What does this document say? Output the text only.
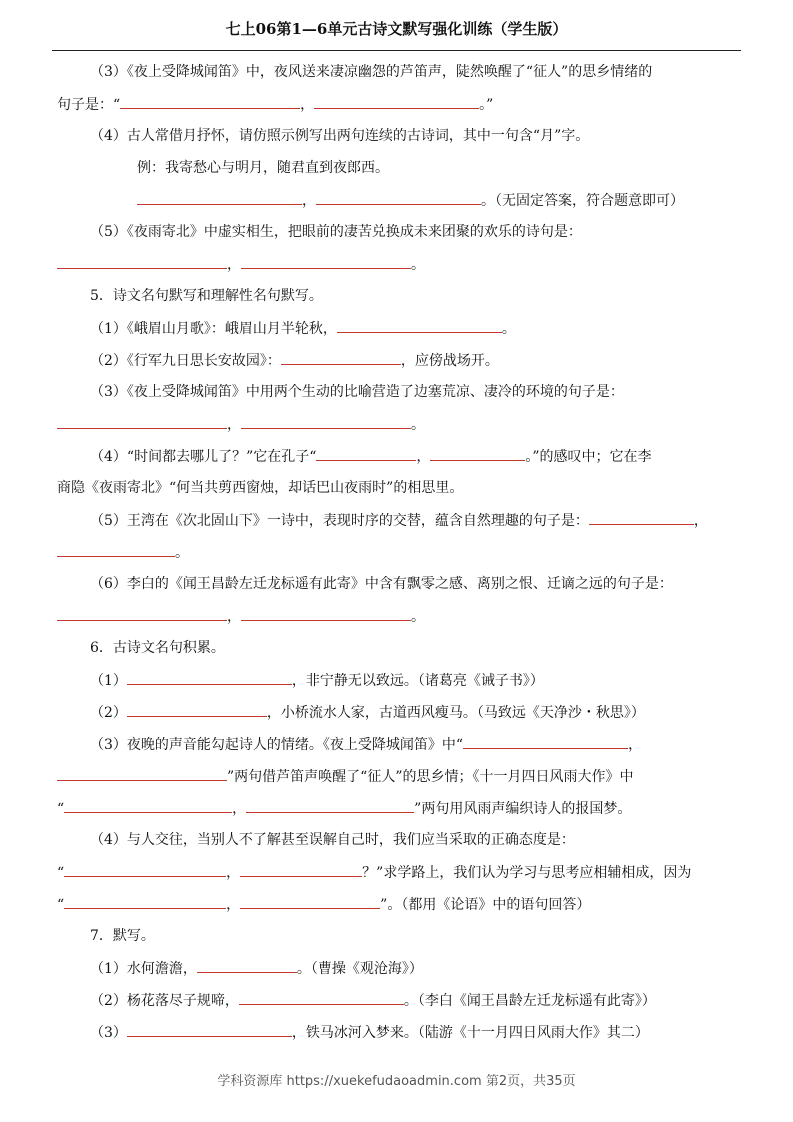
七上06第1—6单元古诗文默写强化训练（学生版）
（3）《夜上受降城闻笛》中，夜风送来凄凉幽怨的芦笛声，陡然唤醒了“征人”的思乡情绪的
句子是：“	，	。”
（4）古人常借月抒怀，请仿照示例写出两句连续的古诗词，其中一句含“月”字。
例：我寄愁心与明月，随君直到夜郎西。
，	。（无固定答案，符合题意即可）
（5）《夜雨寄北》中虚实相生，把眼前的凄苦兑换成未来团聚的欢乐的诗句是：
，	。
5．诗文名句默写和理解性名句默写。
（1）《峨眉山月歌》：峨眉山月半轮秋，	。
（2）《行军九日思长安故园》：	，应傍战场开。
（3）《夜上受降城闻笛》中用两个生动的比喻营造了边塞荒凉、凄冷的环境的句子是：
，	。
（4）“时间都去哪儿了？”它在孔子“	，	。”的感叹中；它在李
商隐《夜雨寄北》“何当共剪西窗烛，却话巴山夜雨时”的相思里。
（5）王湾在《次北固山下》一诗中，表现时序的交替，蕴含自然理趣的句子是：	，
。
（6）李白的《闻王昌龄左迁龙标遥有此寄》中含有飘零之感、离别之恨、迁谪之远的句子是：
，	。
6．古诗文名句积累。
（1）	，非宁静无以致远。（诸葛亮《诫子书》）
（2）	，小桥流水人家，古道西风瘦马。（马致远《天净沙・秋思》）
（3）夜晚的声音能勾起诗人的情绪。《夜上受降城闻笛》中“	，
”两句借芦笛声唤醒了“征人”的思乡情；《十一月四日风雨大作》中
“	，	”两句用风雨声编织诗人的报国梦。
（4）与人交往，当别人不了解甚至误解自己时，我们应当采取的正确态度是：
“	，	？”求学路上，我们认为学习与思考应相辅相成，因为
“	，	”。（都用《论语》中的语句回答）
7．默写。
（1）水何澹澹，	。（曹操《观沧海》）
（2）杨花落尽子规啼，	。（李白《闻王昌龄左迁龙标遥有此寄》）
（3）	，铁马冰河入梦来。（陆游《十一月四日风雨大作》其二）
学科资源库 https://xuekefudaoadmin.com 第2页，共35页
